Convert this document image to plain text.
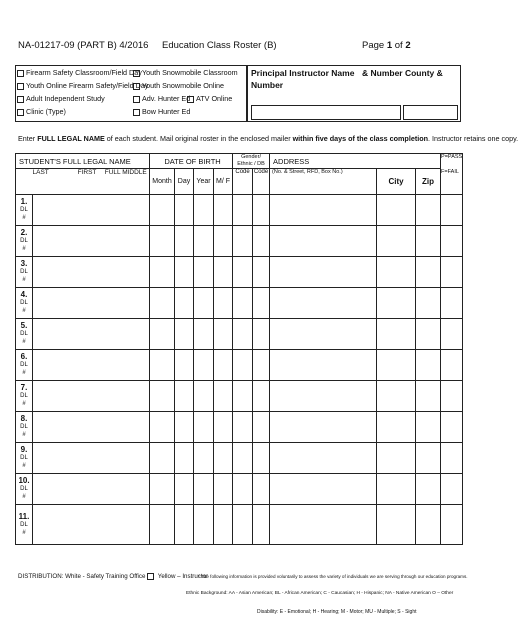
NA-01217-09 (PART B) 4/2016 Education Class Roster (B)	Page 1 of 2
Firearm Safety Classroom/Field Day Youth Snowmobile Classroom
Youth Online Firearm Safety/Field Day
Youth Snowmobile Online
Adult Independent Study	Adv. Hunter Ed ATV Online
Clinic (Type)	Bow Hunter Ed
Principal Instructor Name & Number County &
Number
Enter FULL LEGAL NAME of each student. Mail original roster in the enclosed mailer within five days of the class completion. Instructor retains one copy.
STUDENT'S FULL LEGAL NAME				DATE OF BIRTH				Gender/ Ethnic / DB		ADDRESS			P=PASS
F=FAIL

	LAST	FIRST	FULL MIDDLE	Month	Day	Year	M/ F	Code	Code	(No. & Street, RFD, Box No.)	City	Zip	

1.
DL #													

2.
DL #													

3.
DL #													

4.
DL #													

5.
DL #													

6.
DL #													

7.
DL #													

8.
DL #													

9.
DL #													

10.
DL #													

11.
DL #													

DISTRIBUTION: White - Safety Training Office  Yellow – Instructor
* The following information is provided voluntarily to assess the variety of individuals we are serving through our education programs.
Ethnic Background: AA - Asian American; BL - African American; C - Caucasian; H - Hispanic; NA - Native American O – Other
Disability: E - Emotional; H - Hearing; M - Motor; MU - Multiple; S - Sight
